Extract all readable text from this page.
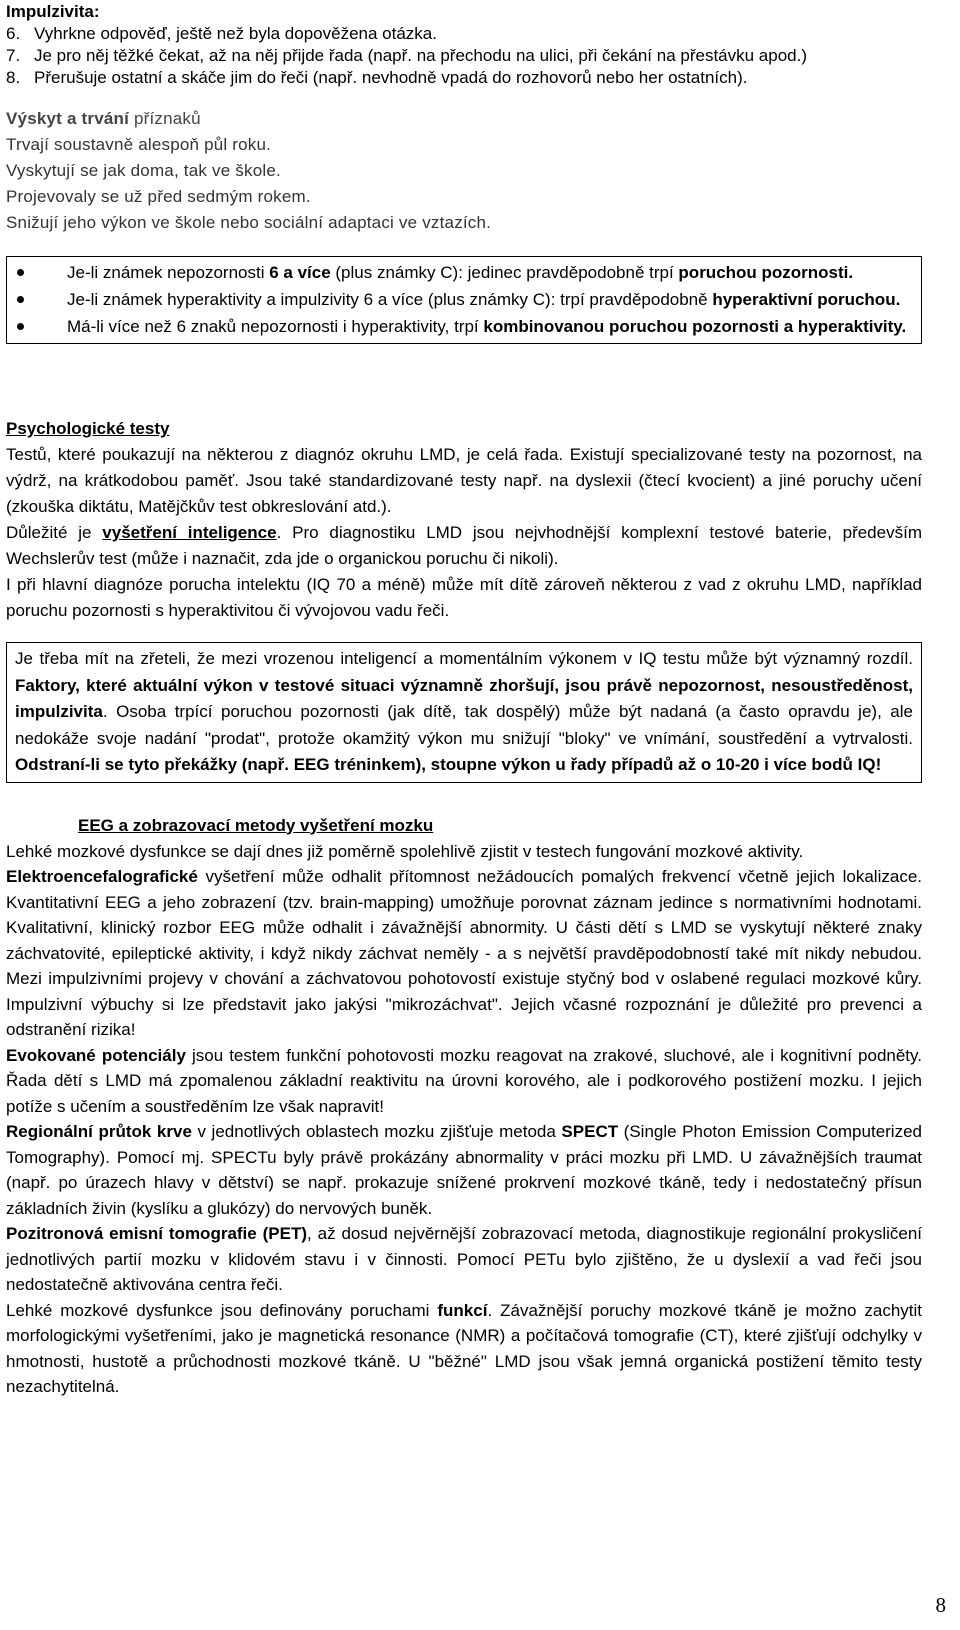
Impulzivita:

6. Vyhrkne odpověď, ještě než byla dopověžena otázka.
7. Je pro něj těžké čekat, až na něj přijde řada (např. na přechodu na ulici, při čekání na přestávku apod.)
8. Přerušuje ostatní a skáče jim do řeči (např. nevhodně vpadá do rozhovorů nebo her ostatních).
Výskyt a trvání příznaků
Trvají soustavně alespoň půl roku.
Vyskytují se jak doma, tak ve škole.
Projevovaly se už před sedmým rokem.
Snižují jeho výkon ve škole nebo sociální adaptaci ve vztazích.
Je-li známek nepozornosti 6 a více (plus známky C): jedinec pravděpodobně trpí poruchou pozornosti.
Je-li známek hyperaktivity a impulzivity 6 a více (plus známky C): trpí pravděpodobně hyperaktivní poruchou.
Má-li více než 6 znaků nepozornosti i hyperaktivity, trpí kombinovanou poruchou pozornosti a hyperaktivity.
Psychologické testy

Testů, které poukazují na některou z diagnóz okruhu LMD, je celá řada. Existují specializované testy na pozornost, na výdrž, na krátkodobou paměť. Jsou také standardizované testy např. na dyslexii (čtecí kvocient) a jiné poruchy učení (zkouška diktátu, Matějčkův test obkreslování atd.).

Důležité je vyšetření inteligence. Pro diagnostiku LMD jsou nejvhodnější komplexní testové baterie, především Wechslerův test (může i naznačit, zda jde o organickou poruchu či nikoli).

I při hlavní diagnóze porucha intelektu (IQ 70 a méně) může mít dítě zároveň některou z vad z okruhu LMD, například poruchu pozornosti s hyperaktivitou či vývojovou vadu řeči.

Je třeba mít na zřeteli, že mezi vrozenou inteligencí a momentálním výkonem v IQ testu může být významný rozdíl. Faktory, které aktuální výkon v testové situaci významně zhoršují, jsou právě nepozornost, nesoustředěnost, impulzivita. Osoba trpící poruchou pozornosti (jak dítě, tak dospělý) může být nadaná (a často opravdu je), ale nedokáže svoje nadání "prodat", protože okamžitý výkon mu snižují "bloky" ve vnímání, soustředění a vytrvalosti. Odstraní-li se tyto překážky (např. EEG tréninkem), stoupne výkon u řady případů až o 10-20 i více bodů IQ!
EEG a zobrazovací metody vyšetření mozku

Lehké mozkové dysfunkce se dají dnes již poměrně spolehlivě zjistit v testech fungování mozkové aktivity.

Elektroencefalografické vyšetření může odhalit přítomnost nežádoucích pomalých frekvencí včetně jejich lokalizace. Kvantitativní EEG a jeho zobrazení (tzv. brain-mapping) umožňuje porovnat záznam jedince s normativními hodnotami. Kvalitativní, klinický rozbor EEG může odhalit i závažnější abnormity. U části dětí s LMD se vyskytují některé znaky záchvatovité, epileptické aktivity, i když nikdy záchvat neměly - a s největší pravděpodobností také mít nikdy nebudou. Mezi impulzivními projevy v chování a záchvatovou pohotovostí existuje styčný bod v oslabené regulaci mozkové kůry. Impulzivní výbuchy si lze představit jako jakýsi "mikrozáchvat". Jejich včasné rozpoznání je důležité pro prevenci a odstranění rizika!

Evokované potenciály jsou testem funkční pohotovosti mozku reagovat na zrakové, sluchové, ale i kognitivní podněty. Řada dětí s LMD má zpomalenou základní reaktivitu na úrovni korového, ale i podkorového postižení mozku. I jejich potíže s učením a soustředěním lze však napravit!

Regionální průtok krve v jednotlivých oblastech mozku zjišťuje metoda SPECT (Single Photon Emission Computerized Tomography). Pomocí mj. SPECTu byly právě prokázány abnormality v práci mozku při LMD. U závažnějších traumat (např. po úrazech hlavy v dětství) se např. prokazuje snížené prokrvení mozkové tkáně, tedy i nedostatečný přísun základních živin (kyslíku a glukózy) do nervových buněk.

Pozitronová emisní tomografie (PET), až dosud nejvěrnější zobrazovací metoda, diagnostikuje regionální prokysličení jednotlivých partií mozku v klidovém stavu i v činnosti. Pomocí PETu bylo zjištěno, že u dyslexií a vad řeči jsou nedostatečně aktivována centra řeči.

Lehké mozkové dysfunkce jsou definovány poruchami funkcí. Závažnější poruchy mozkové tkáně je možno zachytit morfologickými vyšetřeními, jako je magnetická resonance (NMR) a počítačová tomografie (CT), které zjišťují odchylky v hmotnosti, hustotě a průchodnosti mozkové tkáně. U "běžné" LMD jsou však jemná organická postižení těmito testy nezachytitelná.

8
